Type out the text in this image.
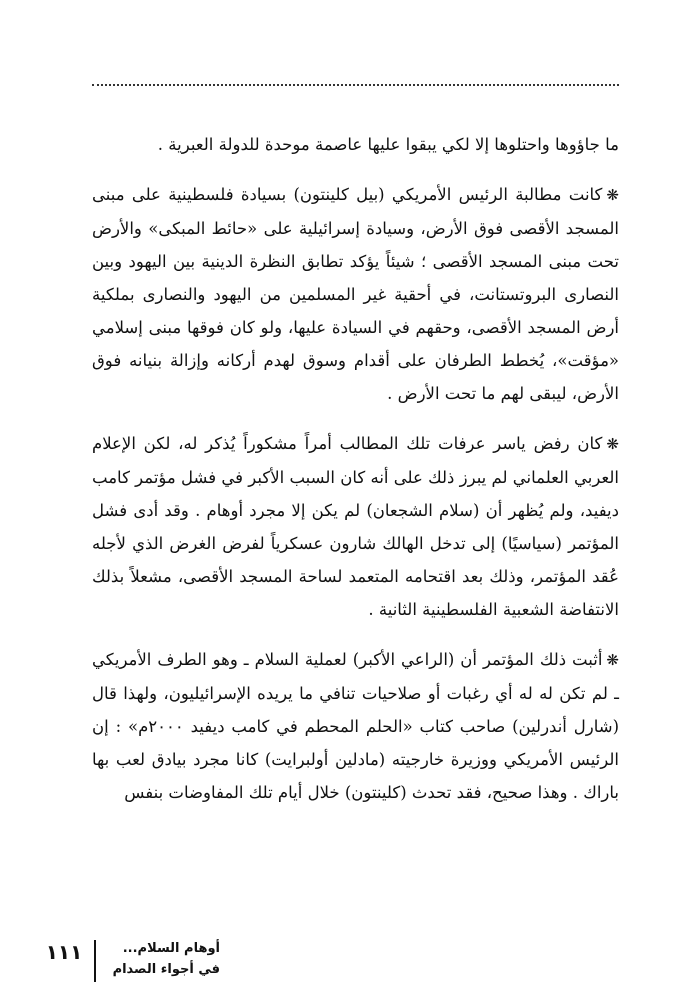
ما جاؤوها واحتلوها إلا لكي يبقوا عليها عاصمة موحدة للدولة العبرية .

❋كانت مطالبة الرئيس الأمريكي (بيل كلينتون) بسيادة فلسطينية على مبنى المسجد الأقصى فوق الأرض، وسيادة إسرائيلية على «حائط المبكى» والأرض تحت مبنى المسجد الأقصى ؛ شيئاً يؤكد تطابق النظرة الدينية بين اليهود وبين النصارى البروتستانت، في أحقية غير المسلمين من اليهود والنصارى بملكية أرض المسجد الأقصى، وحقهم في السيادة عليها، ولو كان فوقها مبنى إسلامي «مؤقت»، يُخطط الطرفان على أقدام وسوق لهدم أركانه وإزالة بنيانه فوق الأرض، ليبقى لهم ما تحت الأرض .

❋كان رفض ياسر عرفات تلك المطالب أمراً مشكوراً يُذكر له، لكن الإعلام العربي العلماني لم يبرز ذلك على أنه كان السبب الأكبر في فشل مؤتمر كامب ديفيد، ولم يُظهر أن (سلام الشجعان) لم يكن إلا مجرد أوهام . وقد أدى فشل المؤتمر (سياسيًا) إلى تدخل الهالك شارون عسكرياً لفرض الغرض الذي لأجله عُقد المؤتمر، وذلك بعد اقتحامه المتعمد لساحة المسجد الأقصى، مشعلاً بذلك الانتفاضة الشعبية الفلسطينية الثانية .

❋أثبت ذلك المؤتمر أن (الراعي الأكبر) لعملية السلام ـ وهو الطرف الأمريكي ـ لم تكن له له أي رغبات أو صلاحيات تنافي ما يريده الإسرائيليون، ولهذا قال (شارل أندرلين) صاحب كتاب «الحلم المحطم في كامب ديفيد ٢٠٠٠م» : إن الرئيس الأمريكي ووزيرة خارجيته (مادلين أولبرايت) كانا مجرد بيادق لعب بها باراك . وهذا صحيح، فقد تحدث (كلينتون) خلال أيام تلك المفاوضات بنفس

أوهام السلام...
في أجواء الصدام
١١١
